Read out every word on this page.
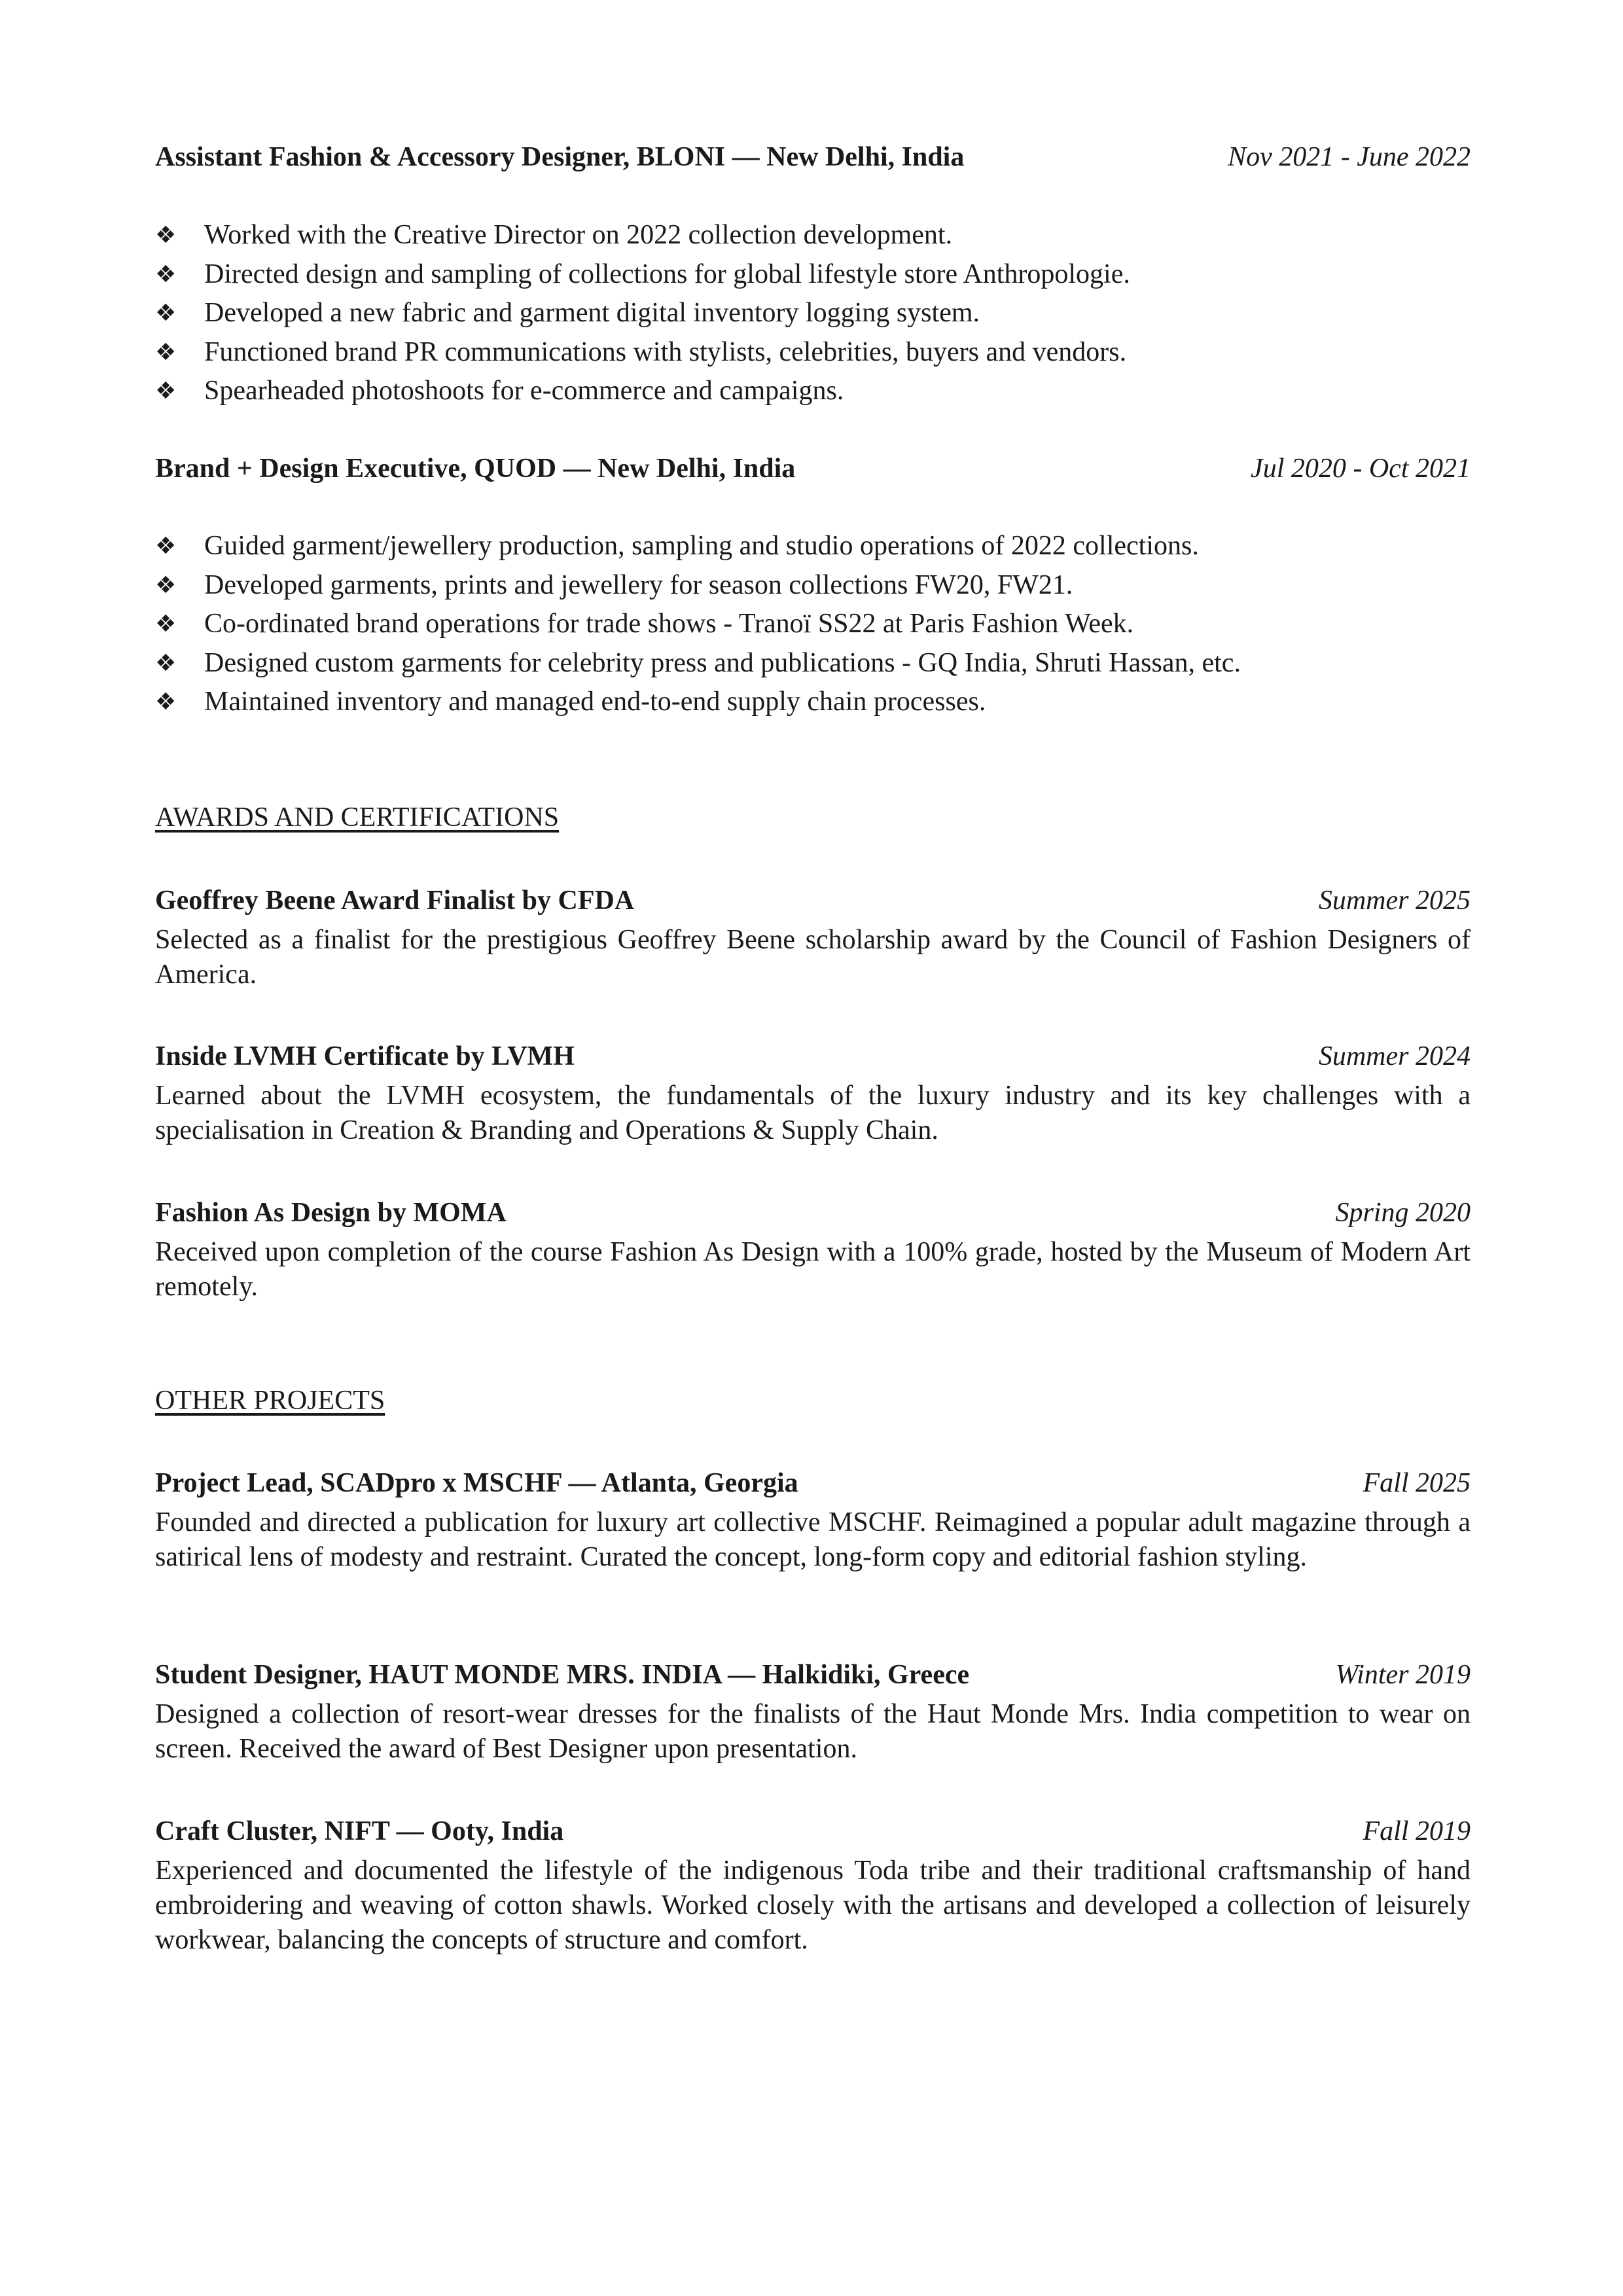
Assistant Fashion & Accessory Designer, BLONI — New Delhi, India	Nov 2021 - June 2022
❖ Worked with the Creative Director on 2022 collection development.
❖ Directed design and sampling of collections for global lifestyle store Anthropologie.
❖ Developed a new fabric and garment digital inventory logging system.
❖ Functioned brand PR communications with stylists, celebrities, buyers and vendors.
❖ Spearheaded photoshoots for e-commerce and campaigns.
Brand + Design Executive, QUOD — New Delhi, India	Jul 2020 - Oct 2021
❖ Guided garment/jewellery production, sampling and studio operations of 2022 collections.
❖ Developed garments, prints and jewellery for season collections FW20, FW21.
❖ Co-ordinated brand operations for trade shows - Tranoï SS22 at Paris Fashion Week.
❖ Designed custom garments for celebrity press and publications - GQ India, Shruti Hassan, etc.
❖ Maintained inventory and managed end-to-end supply chain processes.
AWARDS AND CERTIFICATIONS
Geoffrey Beene Award Finalist by CFDA	Summer 2025
Selected as a finalist for the prestigious Geoffrey Beene scholarship award by the Council of Fashion Designers of America.
Inside LVMH Certificate by LVMH	Summer 2024
Learned about the LVMH ecosystem, the fundamentals of the luxury industry and its key challenges with a specialisation in Creation & Branding and Operations & Supply Chain.
Fashion As Design by MOMA	Spring 2020
Received upon completion of the course Fashion As Design with a 100% grade, hosted by the Museum of Modern Art remotely.
OTHER PROJECTS
Project Lead, SCADpro x MSCHF — Atlanta, Georgia	Fall 2025
Founded and directed a publication for luxury art collective MSCHF. Reimagined a popular adult magazine through a satirical lens of modesty and restraint. Curated the concept, long-form copy and editorial fashion styling.
Student Designer, HAUT MONDE MRS. INDIA — Halkidiki, Greece	Winter 2019
Designed a collection of resort-wear dresses for the finalists of the Haut Monde Mrs. India competition to wear on screen. Received the award of Best Designer upon presentation.
Craft Cluster, NIFT — Ooty, India	Fall 2019
Experienced and documented the lifestyle of the indigenous Toda tribe and their traditional craftsmanship of hand embroidering and weaving of cotton shawls. Worked closely with the artisans and developed a collection of leisurely workwear, balancing the concepts of structure and comfort.
